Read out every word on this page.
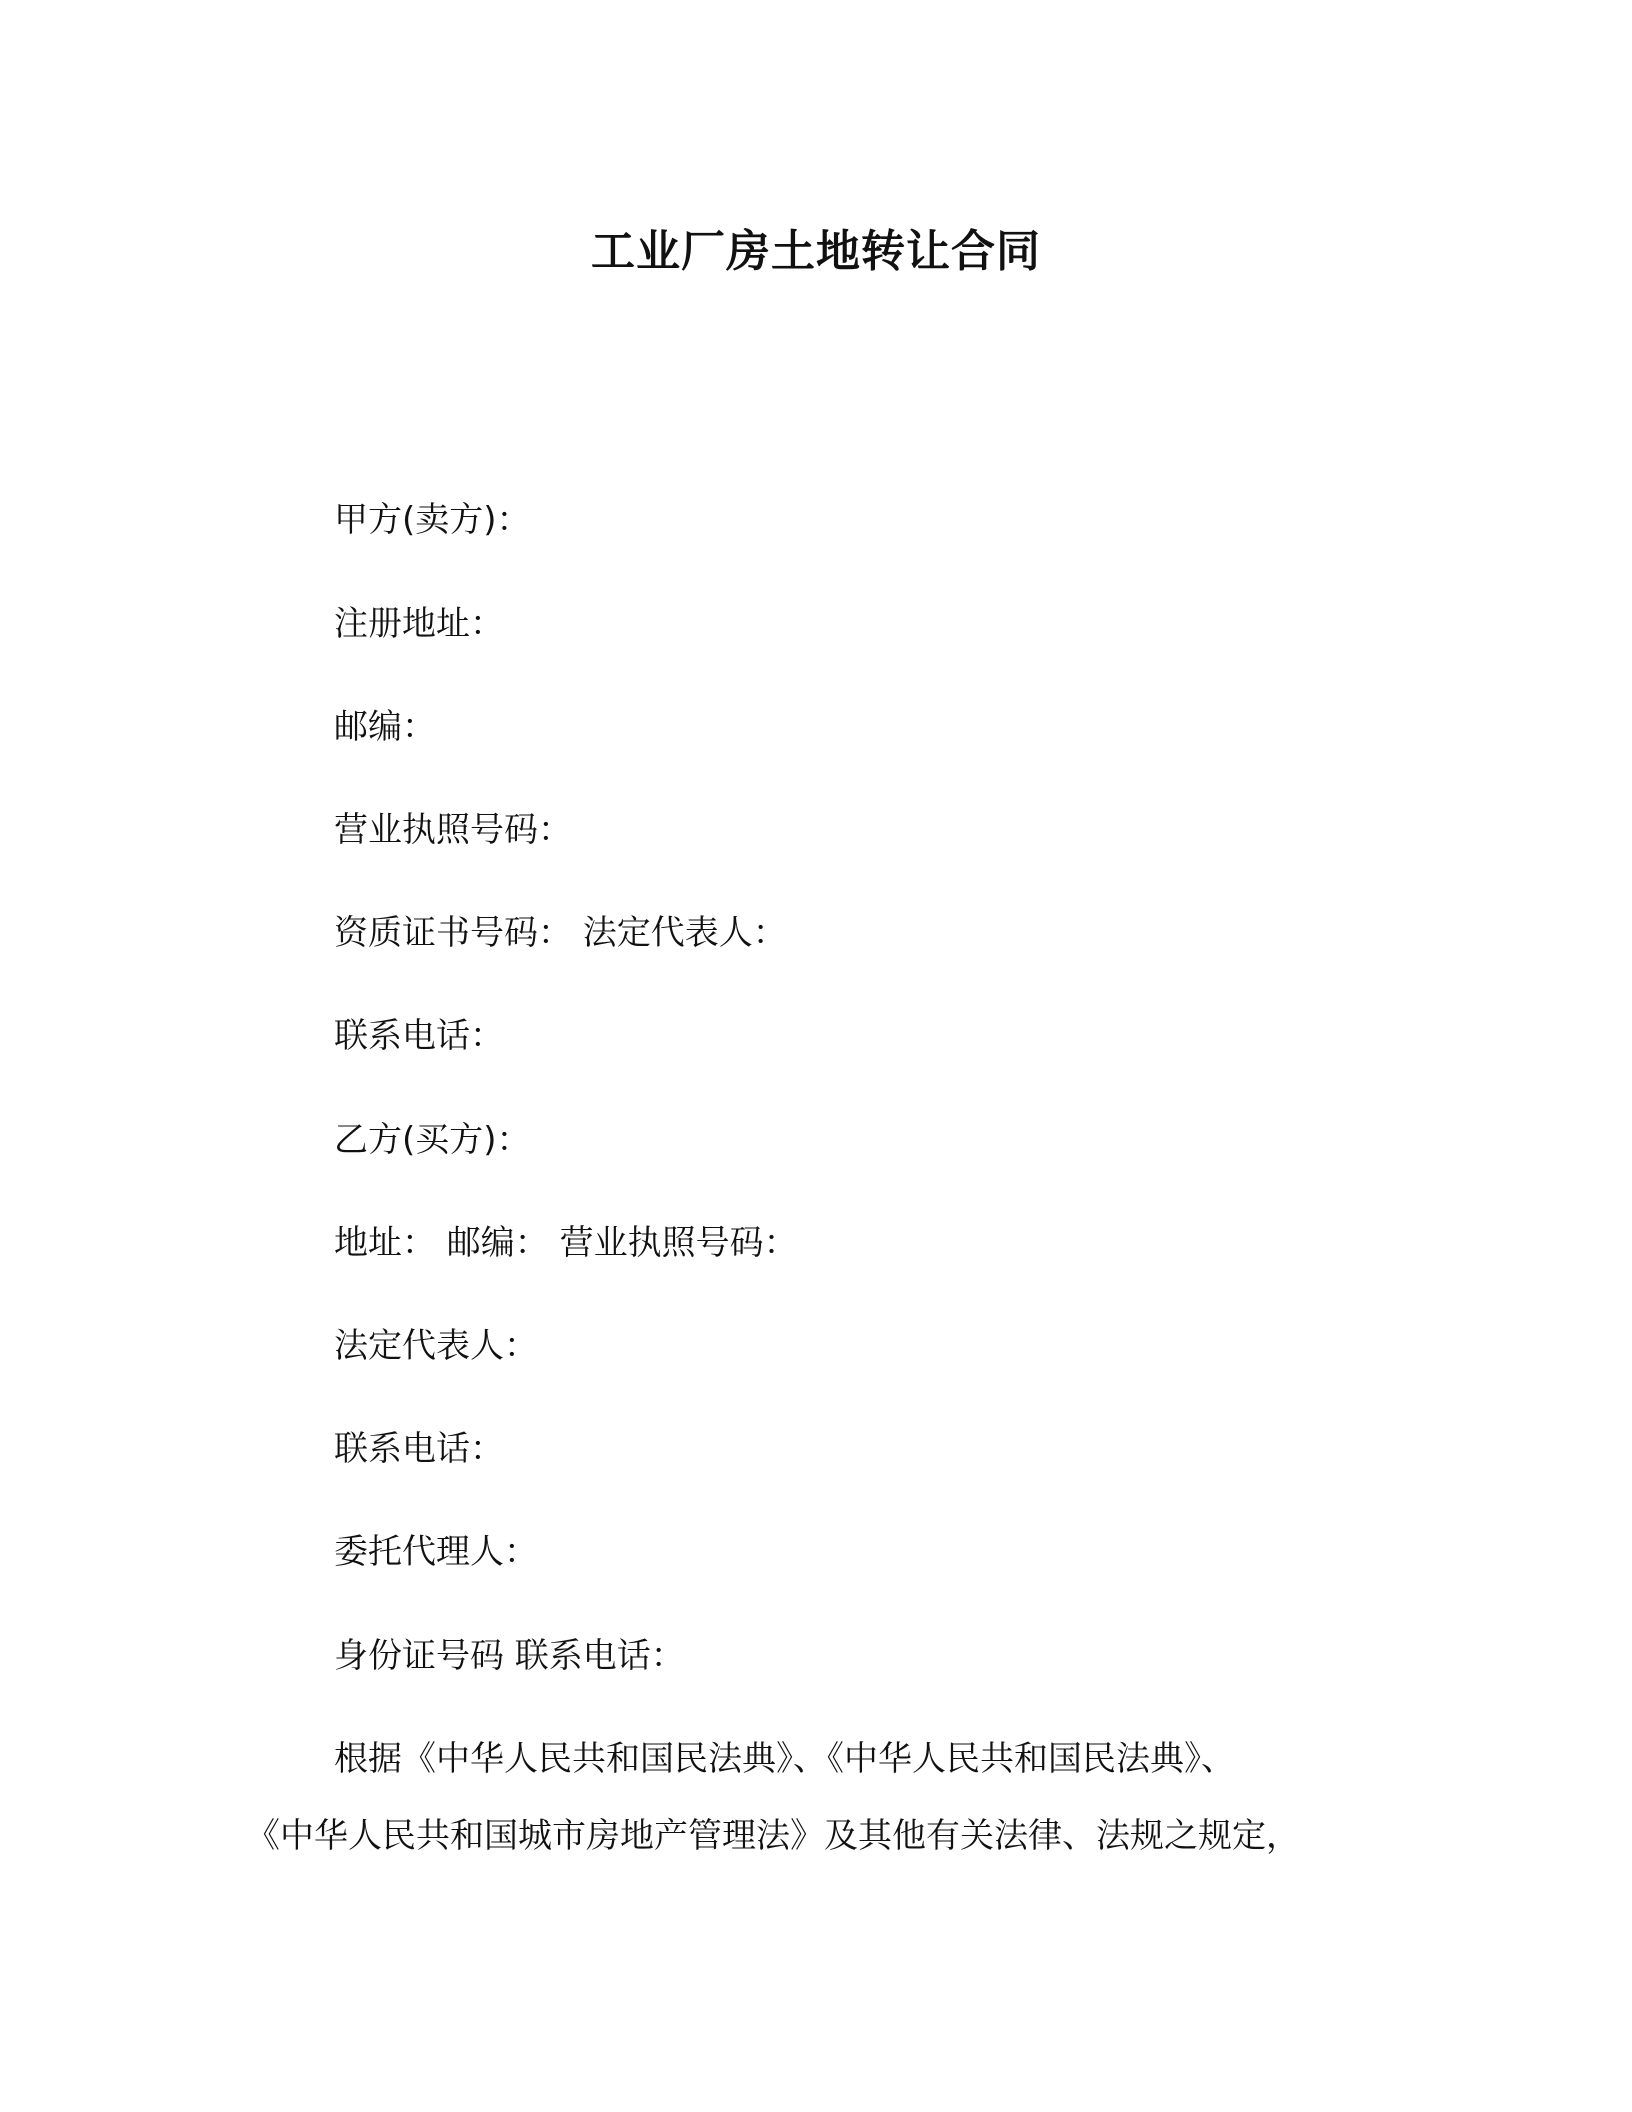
工业厂房土地转让合同
甲方(卖方)：
注册地址：
邮编：
营业执照号码：
资质证书号码： 法定代表人：
联系电话：
乙方(买方)：
地址： 邮编： 营业执照号码：
法定代表人：
联系电话：
委托代理人：
身份证号码 联系电话：
根据《中华人民共和国民法典》、《中华人民共和国民法典》、
《中华人民共和国城市房地产管理法》及其他有关法律、法规之规定，
